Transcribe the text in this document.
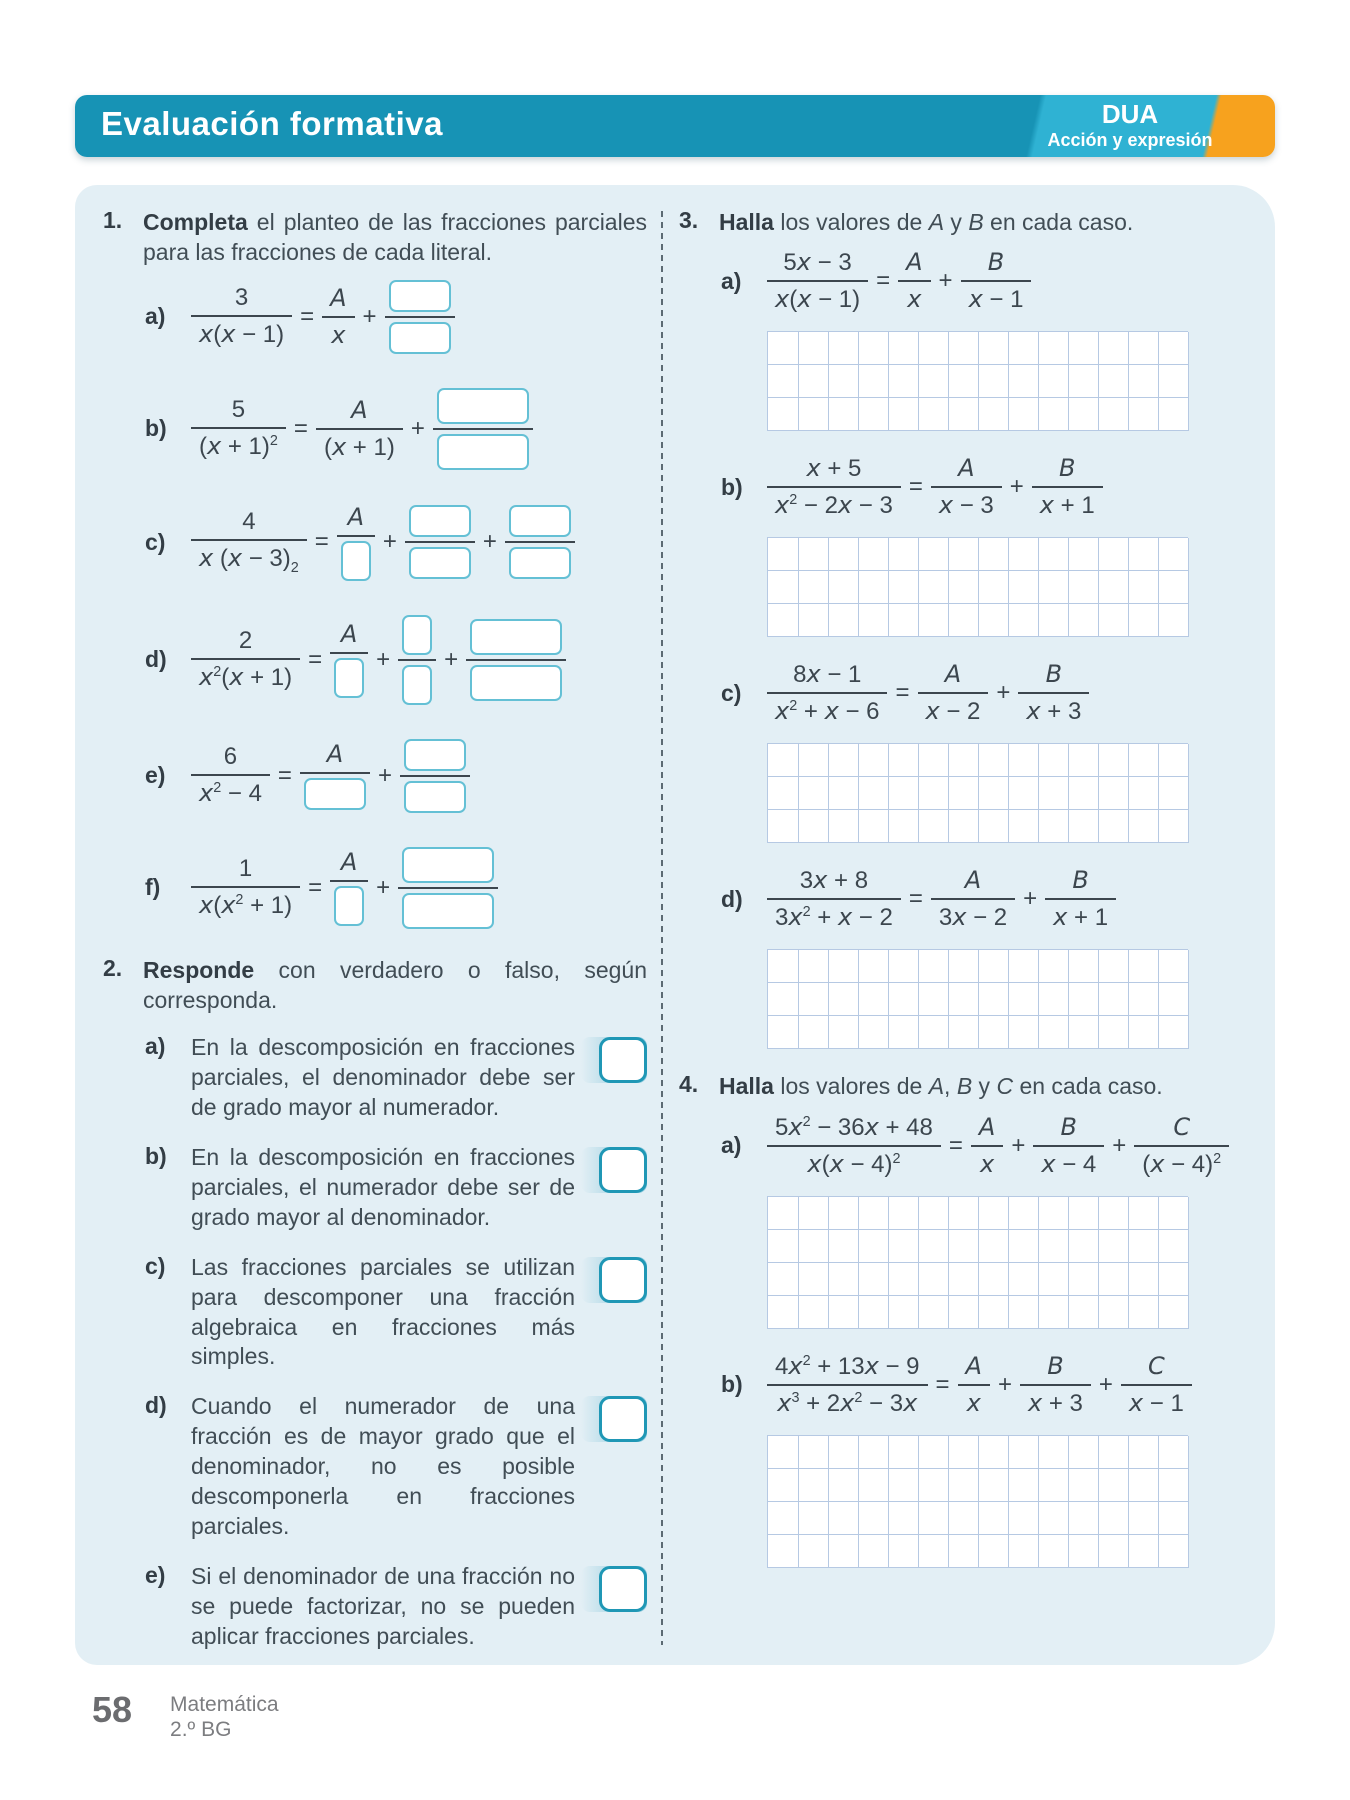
Evaluación formativa	DUA
Acción y expresión
1. Completa el planteo de las fracciones parciales para las fracciones de cada literal.
a)	$\frac{3}{x(x - 1)} = \frac{A}{x}$ +
b)	$\frac{5}{(x + 1)^2} = \frac{A}{(x + 1)}$ +
c)	$\frac{4}{x (x - 3)_2}$ =
A
+	+
d)	$\frac{2}{x^2(x + 1)}$ =
A
+ +
e)	$\frac{6}{x^2 - 4}$ =
A
+
f)	$\frac{1}{x(x^2 + 1)}$ =
A
+
2. Responde con verdadero o falso, según corresponda.
a)	En la descomposición en fracciones parciales, el denominador debe ser de grado mayor al numerador.
b)	En la descomposición en fracciones parciales, el numerador debe ser de grado mayor al denominador.
c)	Las fracciones parciales se utilizan para descomponer una fracción algebraica en fracciones más simples.
d)	Cuando el numerador de una fracción es de mayor grado que el denominador, no es posible descomponerla en fracciones parciales.
e)	Si el denominador de una fracción no se puede factorizar, no se pueden aplicar fracciones parciales.
3. Halla los valores de A y B en cada caso.
a)	$\frac{5x - 3}{x(x - 1)} = \frac{A}{x} + \frac{B}{x - 1}$
b)	$\frac{x + 5}{x^2 - 2x - 3} = \frac{A}{x - 3} + \frac{B}{x + 1}$
c)	$\frac{8x - 1}{x^2 + x - 6} = \frac{A}{x - 2} + \frac{B}{x + 3}$
d)	$\frac{3x + 8}{3x^2 + x - 2} = \frac{A}{3x - 2} + \frac{B}{x + 1}$
4. Halla los valores de A, B y C en cada caso.
a)	$\frac{5x^2 - 36x + 48}{x(x - 4)^2} = \frac{A}{x} + \frac{B}{x - 4} + \frac{C}{(x - 4)^2}$
b)	$\frac{4x^2 + 13x - 9}{x^3 + 2x^2 - 3x} = \frac{A}{x} + \frac{B}{x + 3} + \frac{C}{x - 1}$
58 Matemática
2.º BG
